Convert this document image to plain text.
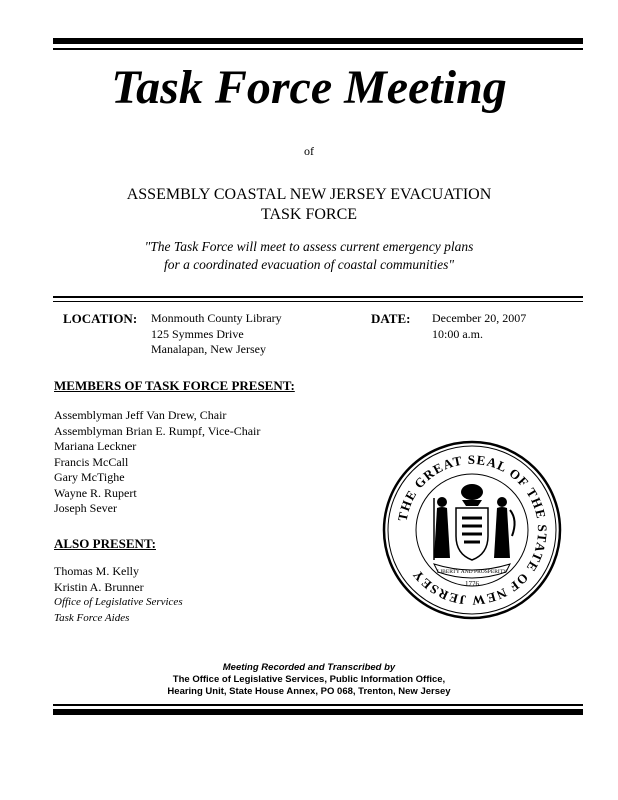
Task Force Meeting
of
ASSEMBLY COASTAL NEW JERSEY EVACUATION
TASK FORCE
"The Task Force will meet to assess current emergency plans
for a coordinated evacuation of coastal communities"
LOCATION: Monmouth County Library
125 Symmes Drive
Manalapan, New Jersey
DATE: December 20, 2007
10:00 a.m.
MEMBERS OF TASK FORCE PRESENT:
Assemblyman Jeff Van Drew, Chair
Assemblyman Brian E. Rumpf, Vice-Chair
Mariana Leckner
Francis McCall
Gary McTighe
Wayne R. Rupert
Joseph Sever
ALSO PRESENT:
Thomas M. Kelly
Kristin A. Brunner
Office of Legislative Services
Task Force Aides
THE GREAT SEAL OF THE STATE OF NEW JERSEY	LIBERTY AND PROSPERITY
1776
Meeting Recorded and Transcribed by
The Office of Legislative Services, Public Information Office,
Hearing Unit, State House Annex, PO 068, Trenton, New Jersey
